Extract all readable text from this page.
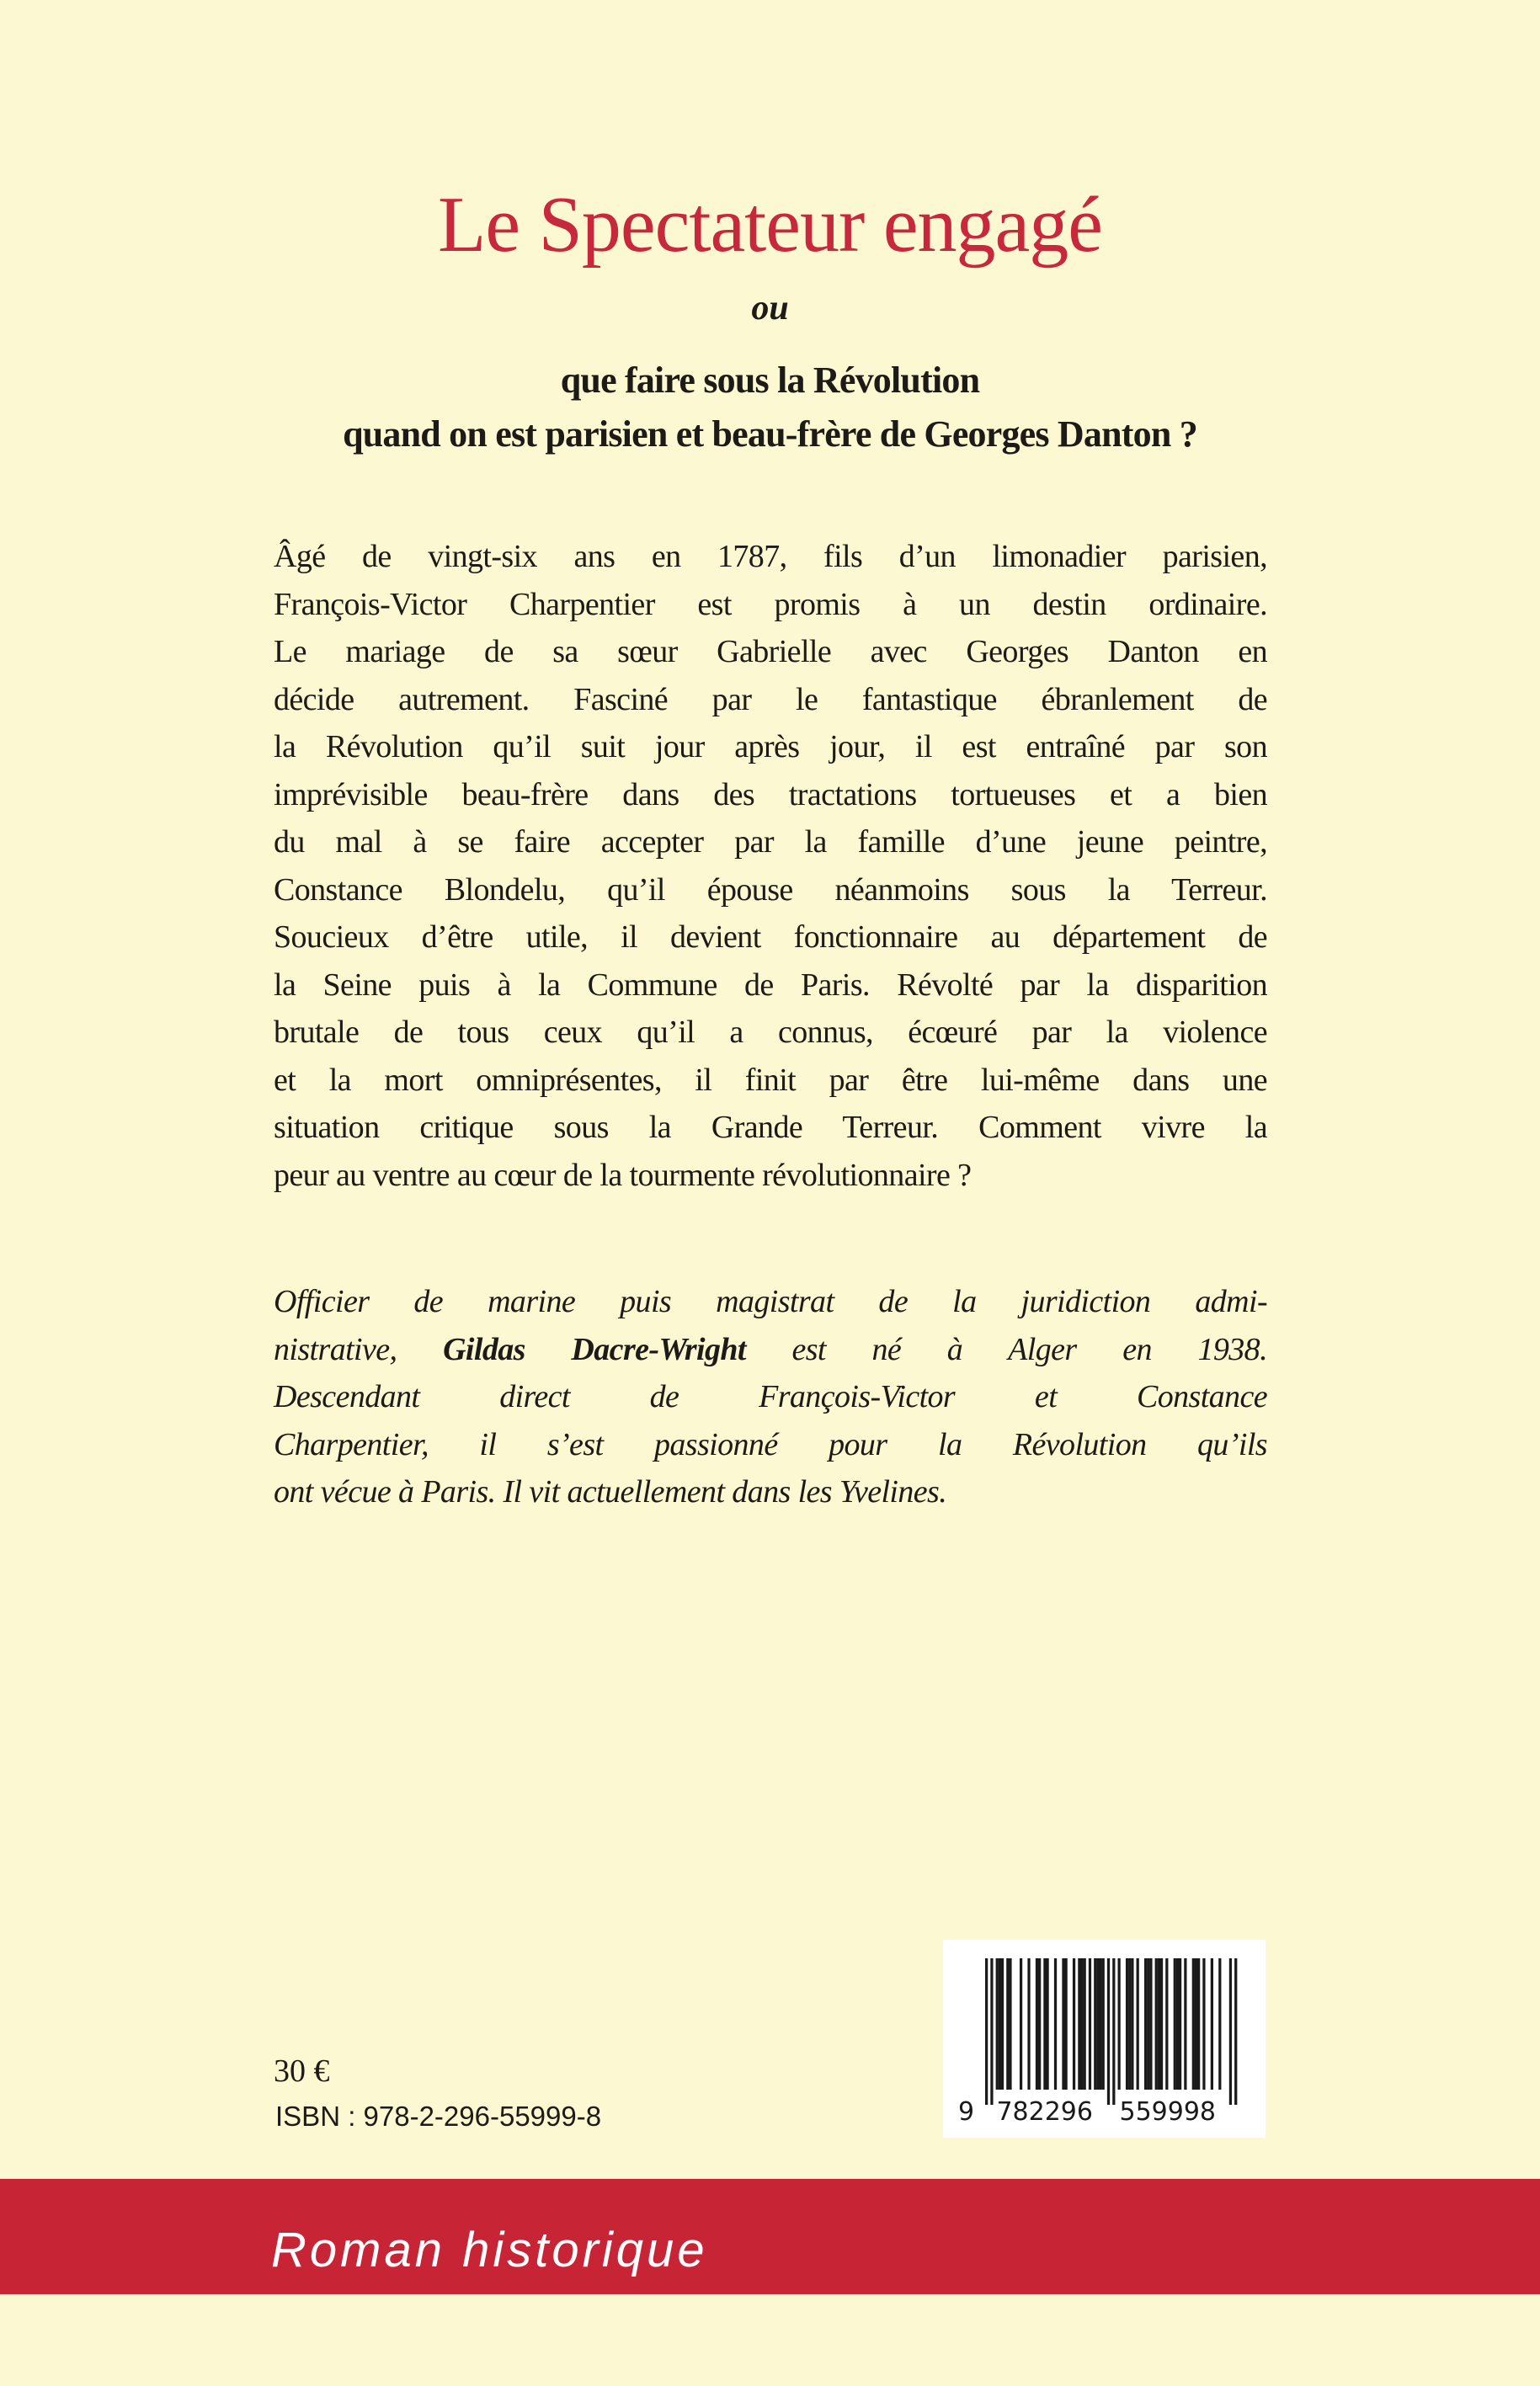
Le Spectateur engagé
ou
que faire sous la Révolution
quand on est parisien et beau-frère de Georges Danton ?
Âgé de vingt-six ans en 1787, fils d’un limonadier parisien,
François-Victor Charpentier est promis à un destin ordinaire.
Le mariage de sa sœur Gabrielle avec Georges Danton en
décide autrement. Fasciné par le fantastique ébranlement de
la Révolution qu’il suit jour après jour, il est entraîné par son
imprévisible beau-frère dans des tractations tortueuses et a bien
du mal à se faire accepter par la famille d’une jeune peintre,
Constance Blondelu, qu’il épouse néanmoins sous la Terreur.
Soucieux d’être utile, il devient fonctionnaire au département de
la Seine puis à la Commune de Paris. Révolté par la disparition
brutale de tous ceux qu’il a connus, écœuré par la violence
et la mort omniprésentes, il finit par être lui-même dans une
situation critique sous la Grande Terreur. Comment vivre la
peur au ventre au cœur de la tourmente révolutionnaire ?
Officier de marine puis magistrat de la juridiction admi-
nistrative, Gildas Dacre-Wright est né à Alger en 1938.
Descendant direct de François-Victor et Constance
Charpentier, il s’est passionné pour la Révolution qu’ils
ont vécue à Paris. Il vit actuellement dans les Yvelines.
30 €
ISBN : 978-2-296-55999-8	9 782296 559998
Roman historique
